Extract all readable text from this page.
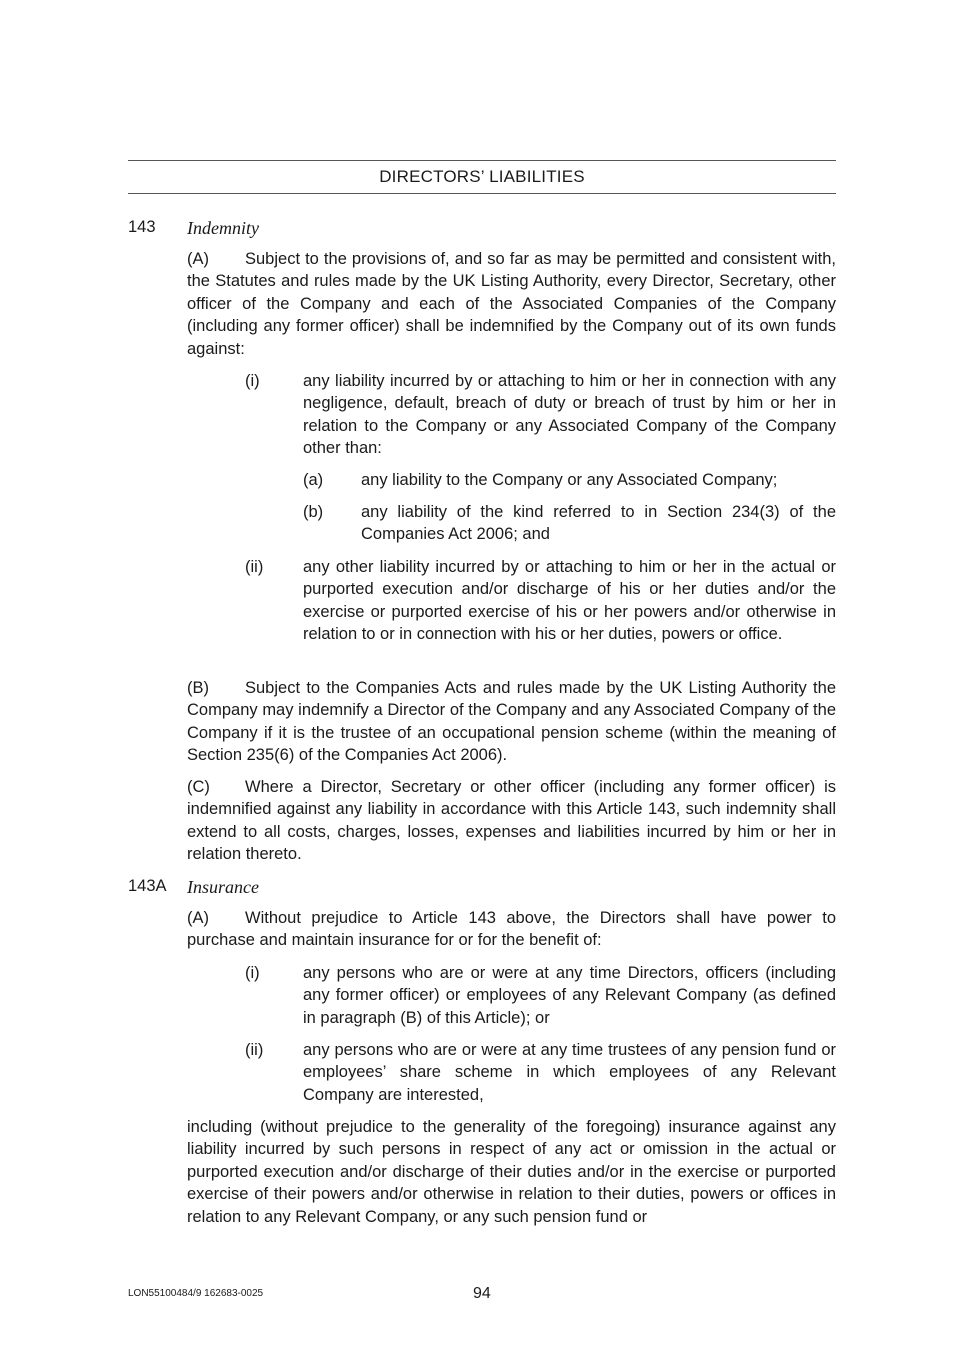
DIRECTORS’ LIABILITIES
143 Indemnity

(A) Subject to the provisions of, and so far as may be permitted and consistent with, the Statutes and rules made by the UK Listing Authority, every Director, Secretary, other officer of the Company and each of the Associated Companies of the Company (including any former officer) shall be indemnified by the Company out of its own funds against:

(i)	any liability incurred by or attaching to him or her in connection with any negligence, default, breach of duty or breach of trust by him or her in relation to the Company or any Associated Company of the Company other than:
(a)	any liability to the Company or any Associated Company;
(b)	any liability of the kind referred to in Section 234(3) of the Companies Act 2006; and
(ii)	any other liability incurred by or attaching to him or her in the actual or purported execution and/or discharge of his or her duties and/or the exercise or purported exercise of his or her powers and/or otherwise in relation to or in connection with his or her duties, powers or office.

(B) Subject to the Companies Acts and rules made by the UK Listing Authority the Company may indemnify a Director of the Company and any Associated Company of the Company if it is the trustee of an occupational pension scheme (within the meaning of Section 235(6) of the Companies Act 2006).

(C) Where a Director, Secretary or other officer (including any former officer) is indemnified against any liability in accordance with this Article 143, such indemnity shall extend to all costs, charges, losses, expenses and liabilities incurred by him or her in relation thereto.

143A Insurance

(A) Without prejudice to Article 143 above, the Directors shall have power to purchase and maintain insurance for or for the benefit of:

(i)	any persons who are or were at any time Directors, officers (including any former officer) or employees of any Relevant Company (as defined in paragraph (B) of this Article); or
(ii)	any persons who are or were at any time trustees of any pension fund or employees’ share scheme in which employees of any Relevant Company are interested,

including (without prejudice to the generality of the foregoing) insurance against any liability incurred by such persons in respect of any act or omission in the actual or purported execution and/or discharge of their duties and/or in the exercise or purported exercise of their powers and/or otherwise in relation to their duties, powers or offices in relation to any Relevant Company, or any such pension fund or

LON55100484/9 162683-0025	94
